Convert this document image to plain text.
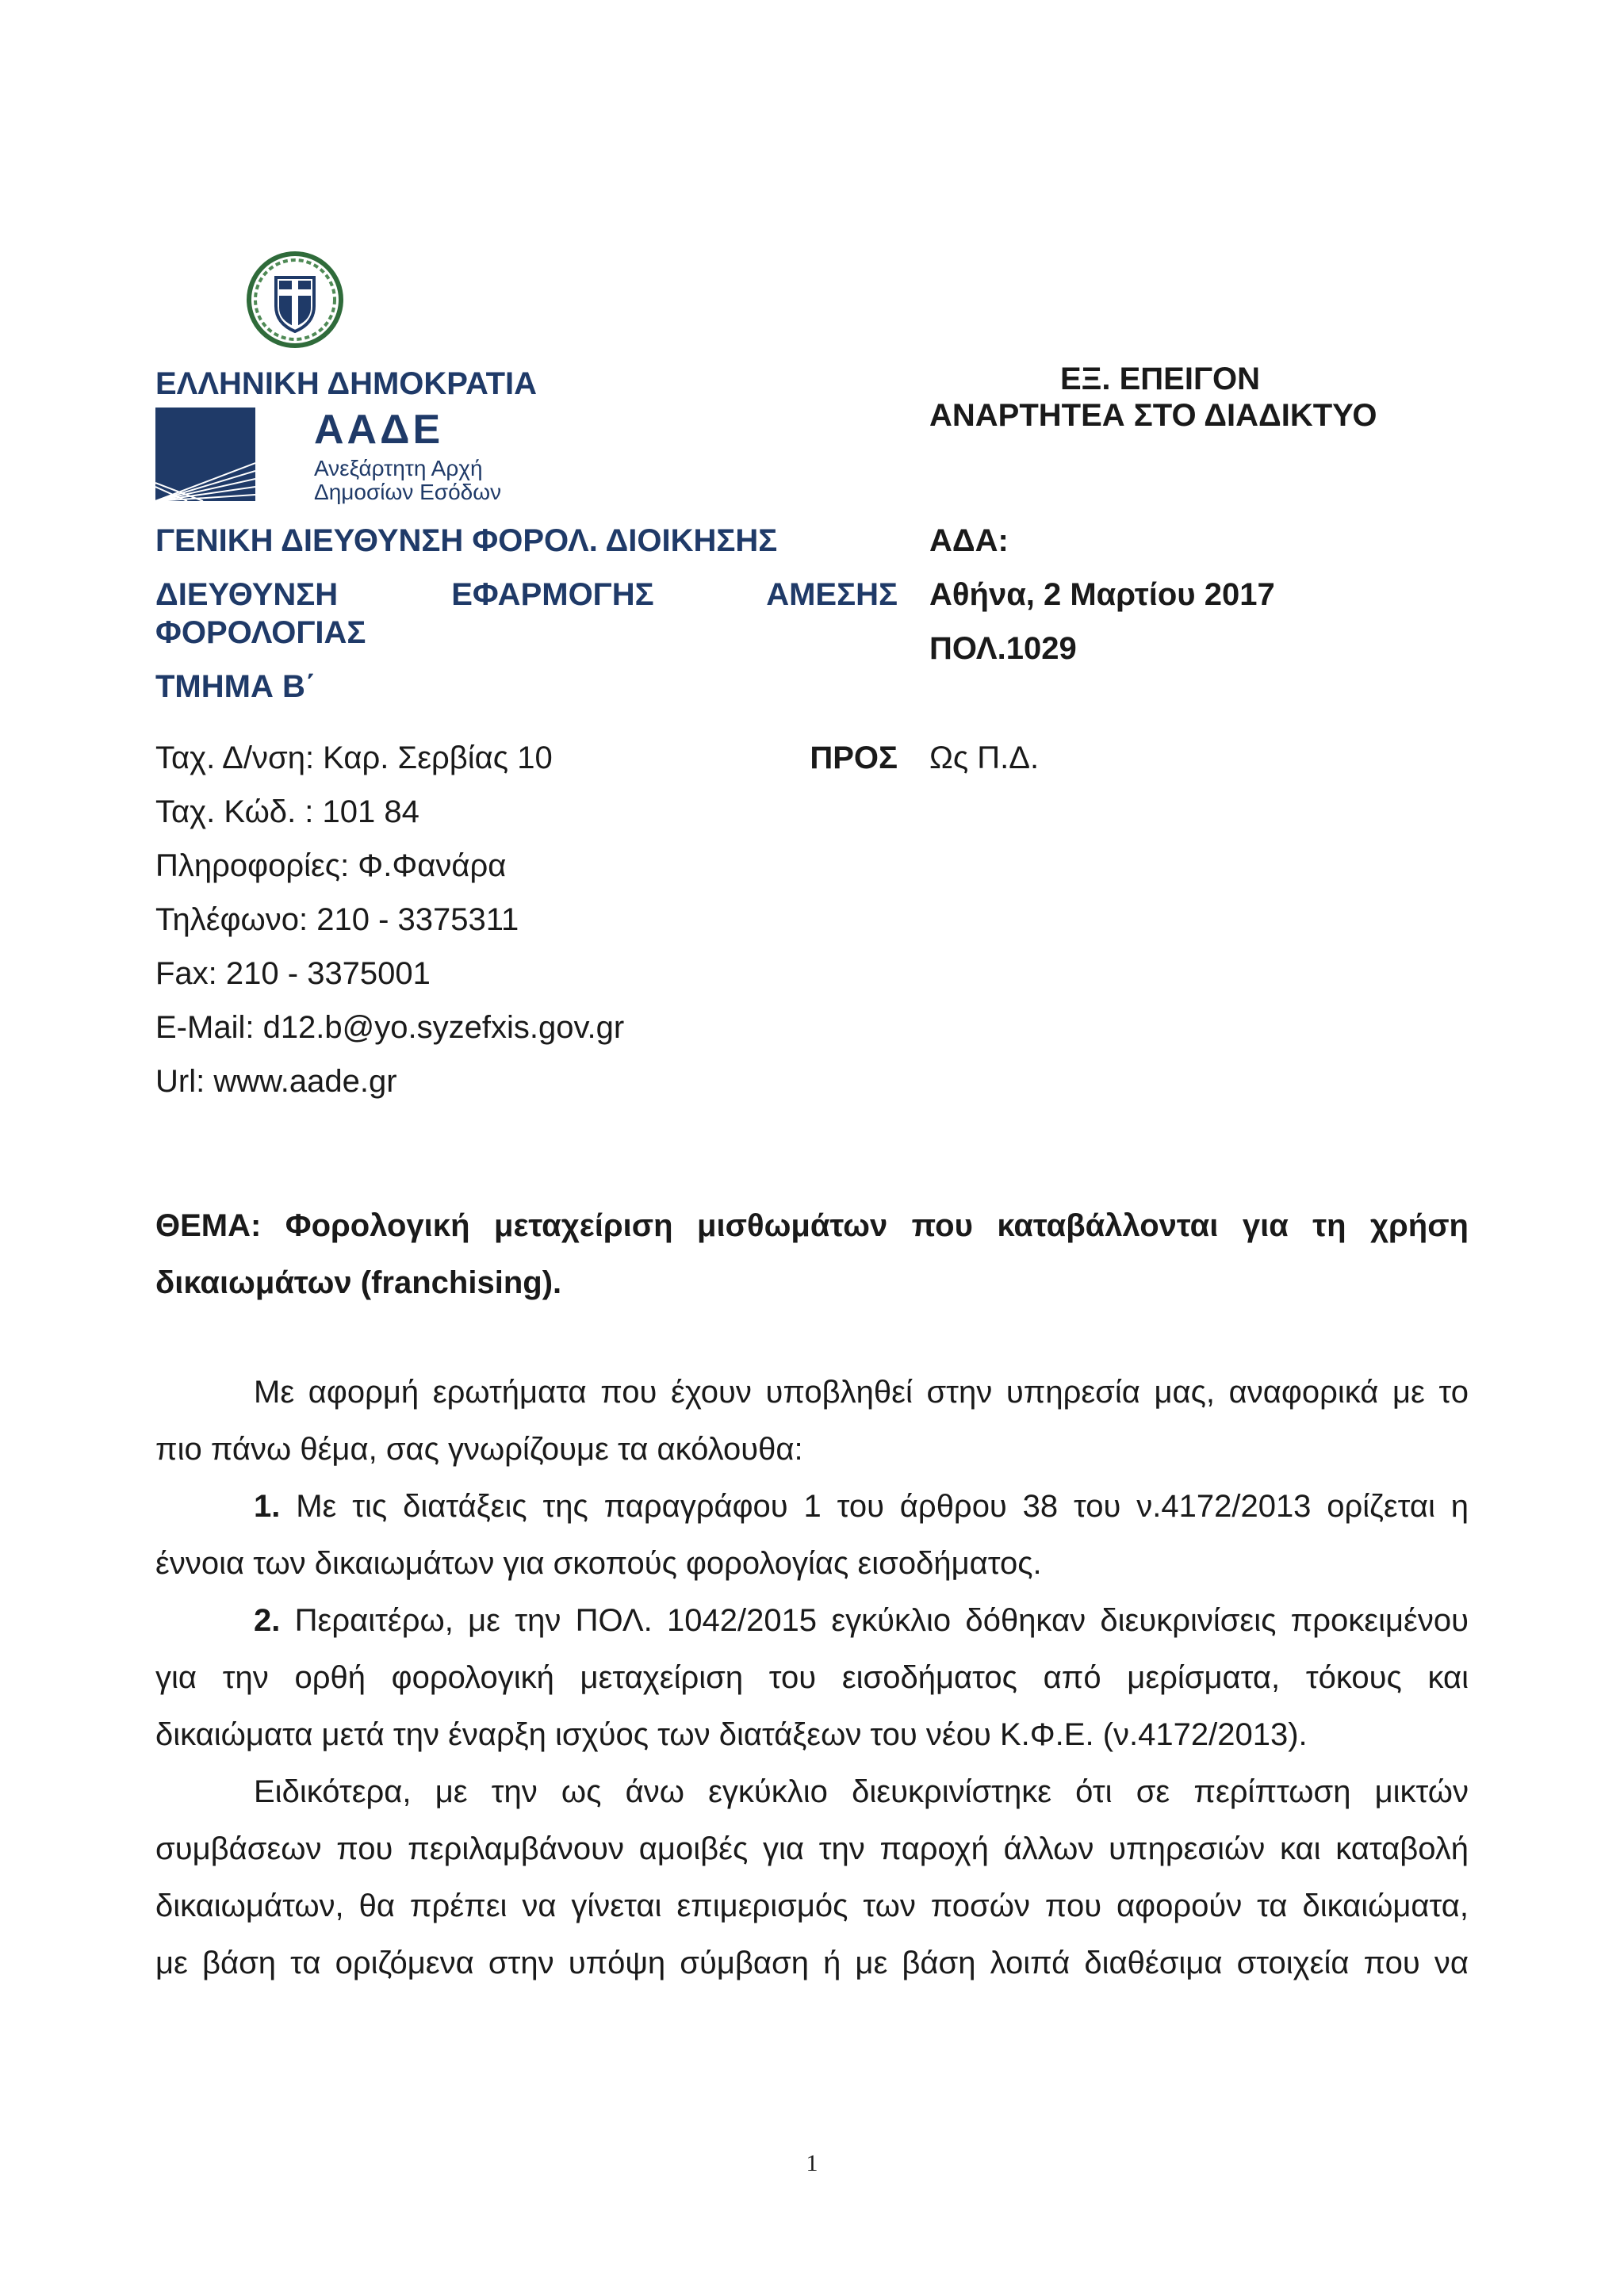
ΕΛΛΗΝΙΚΗ ΔΗΜΟΚΡΑΤΙΑ
ΑΑΔΕ
Ανεξάρτητη Αρχή
Δημοσίων Εσόδων
ΓΕΝΙΚΗ ΔΙΕΥΘΥΝΣΗ ΦΟΡΟΛ. ΔΙΟΙΚΗΣΗΣ
ΔΙΕΥΘΥΝΣΗ ΕΦΑΡΜΟΓΗΣ ΑΜΕΣΗΣ
ΦΟΡΟΛΟΓΙΑΣ
ΤΜΗΜΑ Β΄
ΕΞ. ΕΠΕΙΓΟΝ
ΑΝΑΡΤΗΤΕΑ ΣΤΟ ΔΙΑΔΙΚΤΥΟ
ΑΔΑ:
Αθήνα, 2 Μαρτίου 2017
ΠΟΛ.1029
Ταχ. Δ/νση: Καρ. Σερβίας 10
Ταχ. Κώδ. : 101 84
Πληροφορίες: Φ.Φανάρα
Τηλέφωνο: 210 - 3375311
Fax: 210 - 3375001
E-Mail: d12.b@yo.syzefxis.gov.gr
Url: www.aade.gr
ΠΡΟΣ Ως Π.Δ.
ΘΕΜΑ: Φορολογική μεταχείριση μισθωμάτων που καταβάλλονται για τη χρήση
δικαιωμάτων (franchising).
Με αφορμή ερωτήματα που έχουν υποβληθεί στην υπηρεσία μας, αναφορικά με το
πιο πάνω θέμα, σας γνωρίζουμε τα ακόλουθα:
1. Με τις διατάξεις της παραγράφου 1 του άρθρου 38 του ν.4172/2013 ορίζεται η
έννοια των δικαιωμάτων για σκοπούς φορολογίας εισοδήματος.
2. Περαιτέρω, με την ΠΟΛ. 1042/2015 εγκύκλιο δόθηκαν διευκρινίσεις προκειμένου
για την ορθή φορολογική μεταχείριση του εισοδήματος από μερίσματα, τόκους και
δικαιώματα μετά την έναρξη ισχύος των διατάξεων του νέου Κ.Φ.Ε. (ν.4172/2013).
Ειδικότερα, με την ως άνω εγκύκλιο διευκρινίστηκε ότι σε περίπτωση μικτών
συμβάσεων που περιλαμβάνουν αμοιβές για την παροχή άλλων υπηρεσιών και καταβολή
δικαιωμάτων, θα πρέπει να γίνεται επιμερισμός των ποσών που αφορούν τα δικαιώματα,
με βάση τα οριζόμενα στην υπόψη σύμβαση ή με βάση λοιπά διαθέσιμα στοιχεία που να
1
